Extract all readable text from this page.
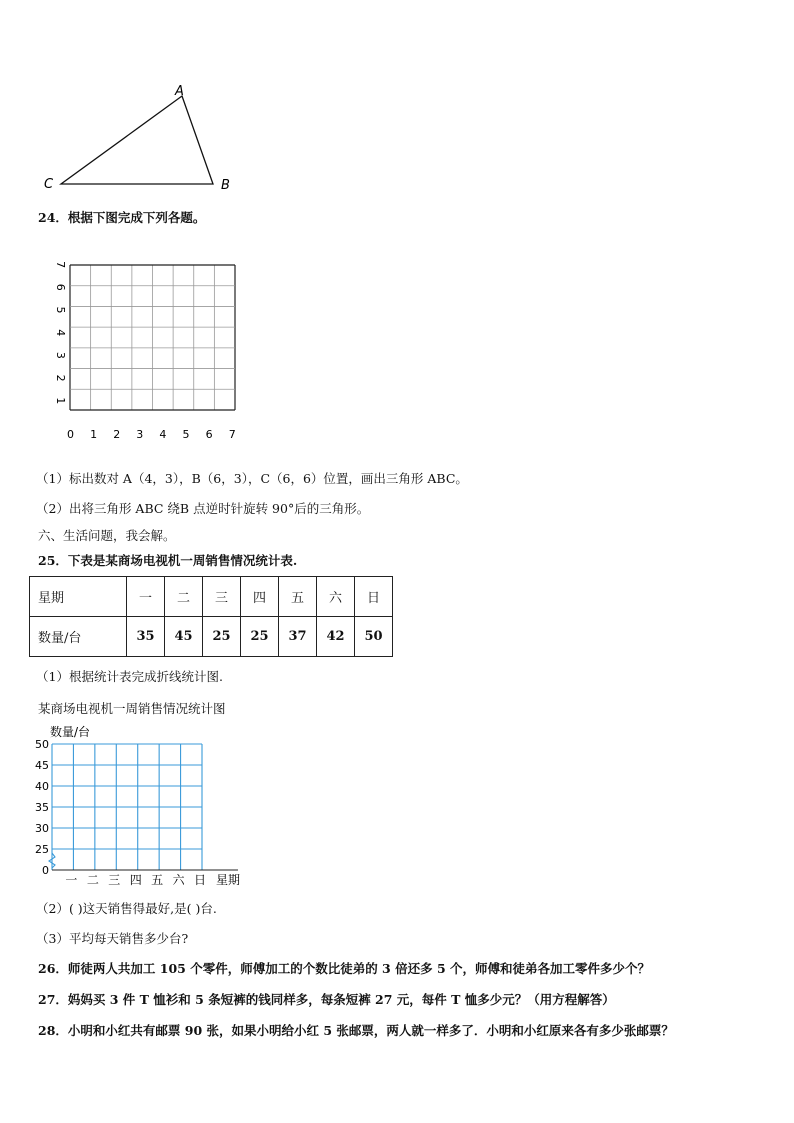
A
B
C
24．根据下图完成下列各题。
0 1 2 3 4 5 6 7
1
2
3
4
5
6
7
（1）标出数对 A（4，3），B（6，3），C（6，6）位置，画出三角形 ABC。
（2）出将三角形 ABC 绕B 点逆时针旋转 90°后的三角形。
六、生活问题，我会解。
25．下表是某商场电视机一周销售情况统计表.
星期	一	二	三	四	五	六	日
数量/台	35	45	25	25	37	42	50
（1）根据统计表完成折线统计图.
某商场电视机一周销售情况统计图
数量/台
50
45
40
35
30
25
0
一 二 三 四 五 六 日 星期
（2）( )这天销售得最好,是( )台.
（3）平均每天销售多少台?
26．师徒两人共加工 105 个零件，师傅加工的个数比徒弟的 3 倍还多 5 个，师傅和徒弟各加工零件多少个？
27．妈妈买 3 件 T 恤衫和 5 条短裤的钱同样多，每条短裤 27 元，每件 T 恤多少元？（用方程解答）
28．小明和小红共有邮票 90 张，如果小明给小红 5 张邮票，两人就一样多了．小明和小红原来各有多少张邮票？
